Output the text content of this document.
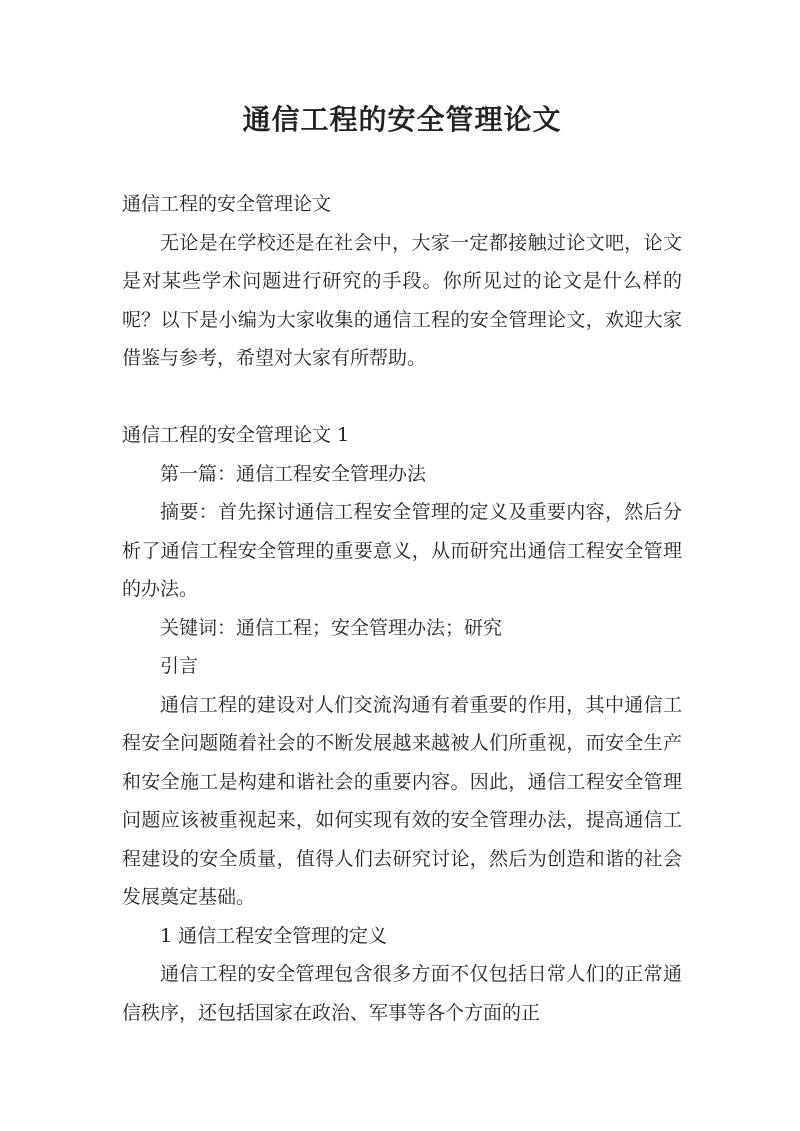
通信工程的安全管理论文

通信工程的安全管理论文

无论是在学校还是在社会中，大家一定都接触过论文吧，论文是对某些学术问题进行研究的手段。你所见过的论文是什么样的呢？以下是小编为大家收集的通信工程的安全管理论文，欢迎大家借鉴与参考，希望对大家有所帮助。

通信工程的安全管理论文 1

第一篇：通信工程安全管理办法

摘要：首先探讨通信工程安全管理的定义及重要内容，然后分析了通信工程安全管理的重要意义，从而研究出通信工程安全管理的办法。

关键词：通信工程；安全管理办法；研究

引言

通信工程的建设对人们交流沟通有着重要的作用，其中通信工程安全问题随着社会的不断发展越来越被人们所重视，而安全生产和安全施工是构建和谐社会的重要内容。因此，通信工程安全管理问题应该被重视起来，如何实现有效的安全管理办法，提高通信工程建设的安全质量，值得人们去研究讨论，然后为创造和谐的社会发展奠定基础。

1 通信工程安全管理的定义

通信工程的安全管理包含很多方面不仅包括日常人们的正常通信秩序，还包括国家在政治、军事等各个方面的正
